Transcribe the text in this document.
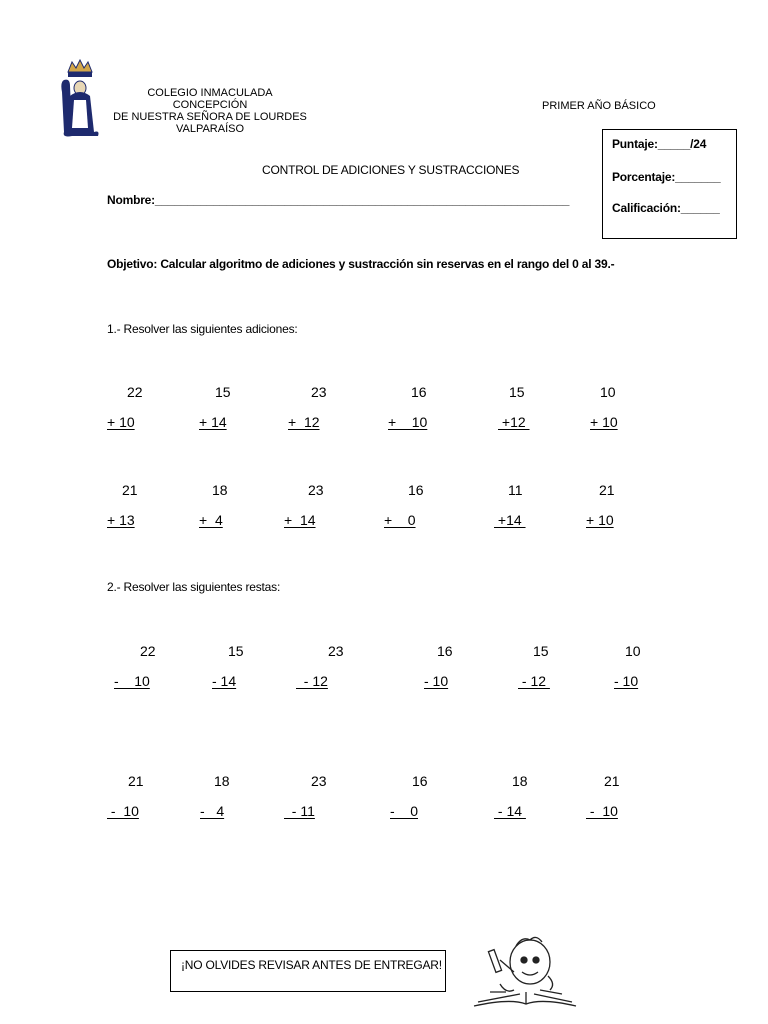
COLEGIO INMACULADA CONCEPCIÓN
DE NUESTRA SEÑORA DE LOURDES
VALPARAÍSO
PRIMER AÑO BÁSICO
Puntaje:_____/24
Porcentaje:_______
Calificación:______
CONTROL DE ADICIONES Y SUSTRACCIONES
Nombre:________________________________________________________________
Objetivo: Calcular algoritmo de adiciones y sustracción sin reservas en el rango del 0 al 39.-
1.- Resolver las siguientes adiciones:
22
+ 10
15
+ 14
23
+  12
16
+    10
15
+12
10
+ 10
21
+ 13
18
+  4
23
+  14
16
+    0
11
+14
21
+ 10
2.- Resolver las siguientes restas:
22
-    10
15
- 14
23
- 12
16
- 10
15
- 12
10
- 10
21
-  10
18
-   4
23
- 11
16
-    0
18
- 14
21
-  10
¡NO OLVIDES REVISAR ANTES DE ENTREGAR!
